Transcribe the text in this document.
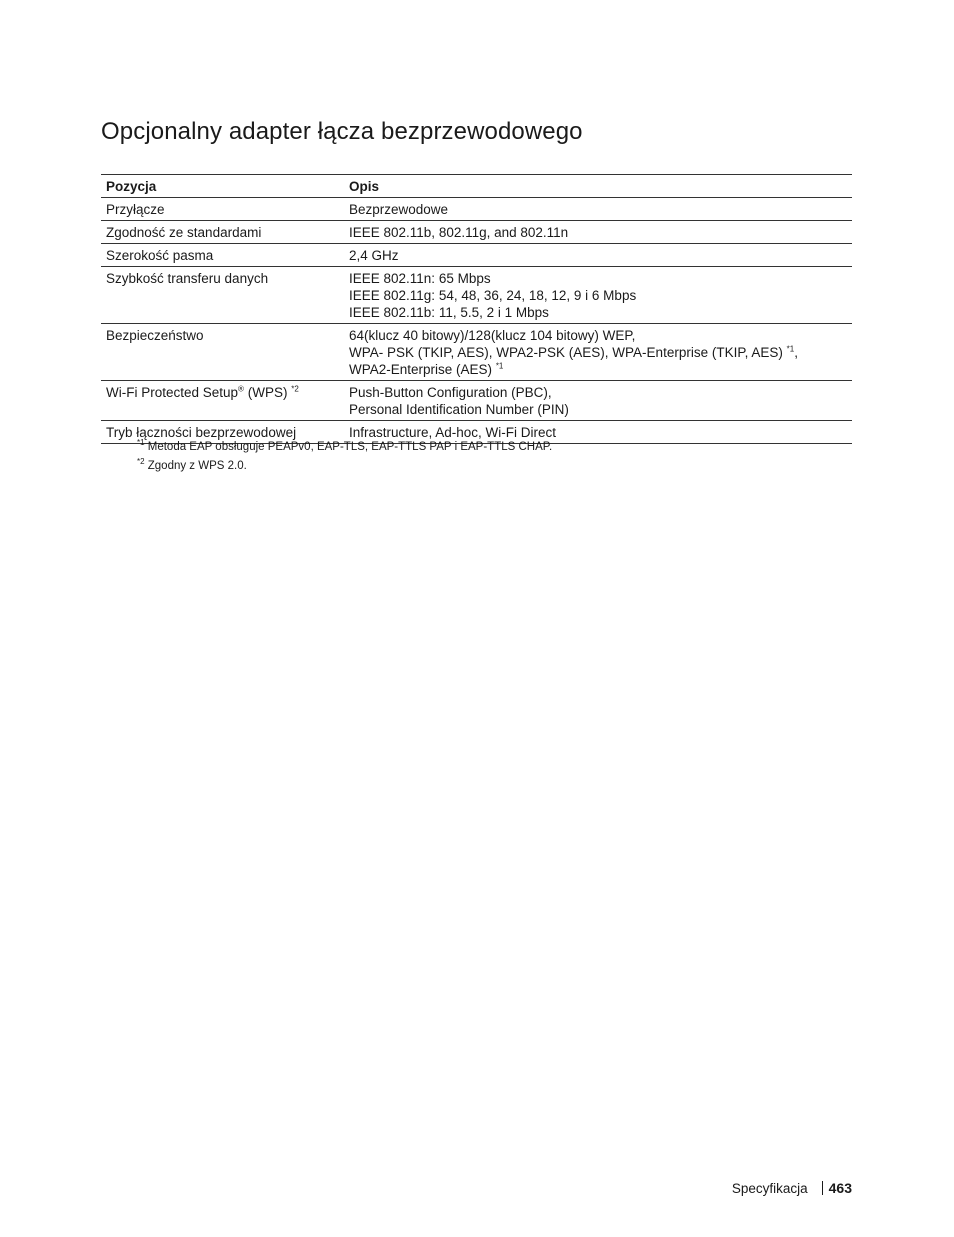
Opcjonalny adapter łącza bezprzewodowego
Pozycja	Opis
Przyłącze	Bezprzewodowe

Zgodność ze standardami	IEEE 802.11b, 802.11g, and 802.11n

Szerokość pasma	2,4 GHz

Szybkość transferu danych	IEEE 802.11n: 65 Mbps
IEEE 802.11g: 54, 48, 36, 24, 18, 12, 9 i 6 Mbps
IEEE 802.11b: 11, 5.5, 2 i 1 Mbps

Bezpieczeństwo	64(klucz 40 bitowy)/128(klucz 104 bitowy) WEP,
WPA- PSK (TKIP, AES), WPA2-PSK (AES), WPA-Enterprise (TKIP, AES) $^{*1}$,
WPA2-Enterprise (AES) $^{*1}$

Wi-Fi Protected Setup® (WPS) $^{*2}$	Push-Button Configuration (PBC),
Personal Identification Number (PIN)

Tryb łączności bezprzewodowej	Infrastructure, Ad-hoc, Wi-Fi Direct

$^{*1}$ Metoda EAP obsługuje PEAPv0, EAP-TLS, EAP-TTLS PAP i EAP-TTLS CHAP.

$^{*2}$ Zgodny z WPS 2.0.

Specyfikacja 463
